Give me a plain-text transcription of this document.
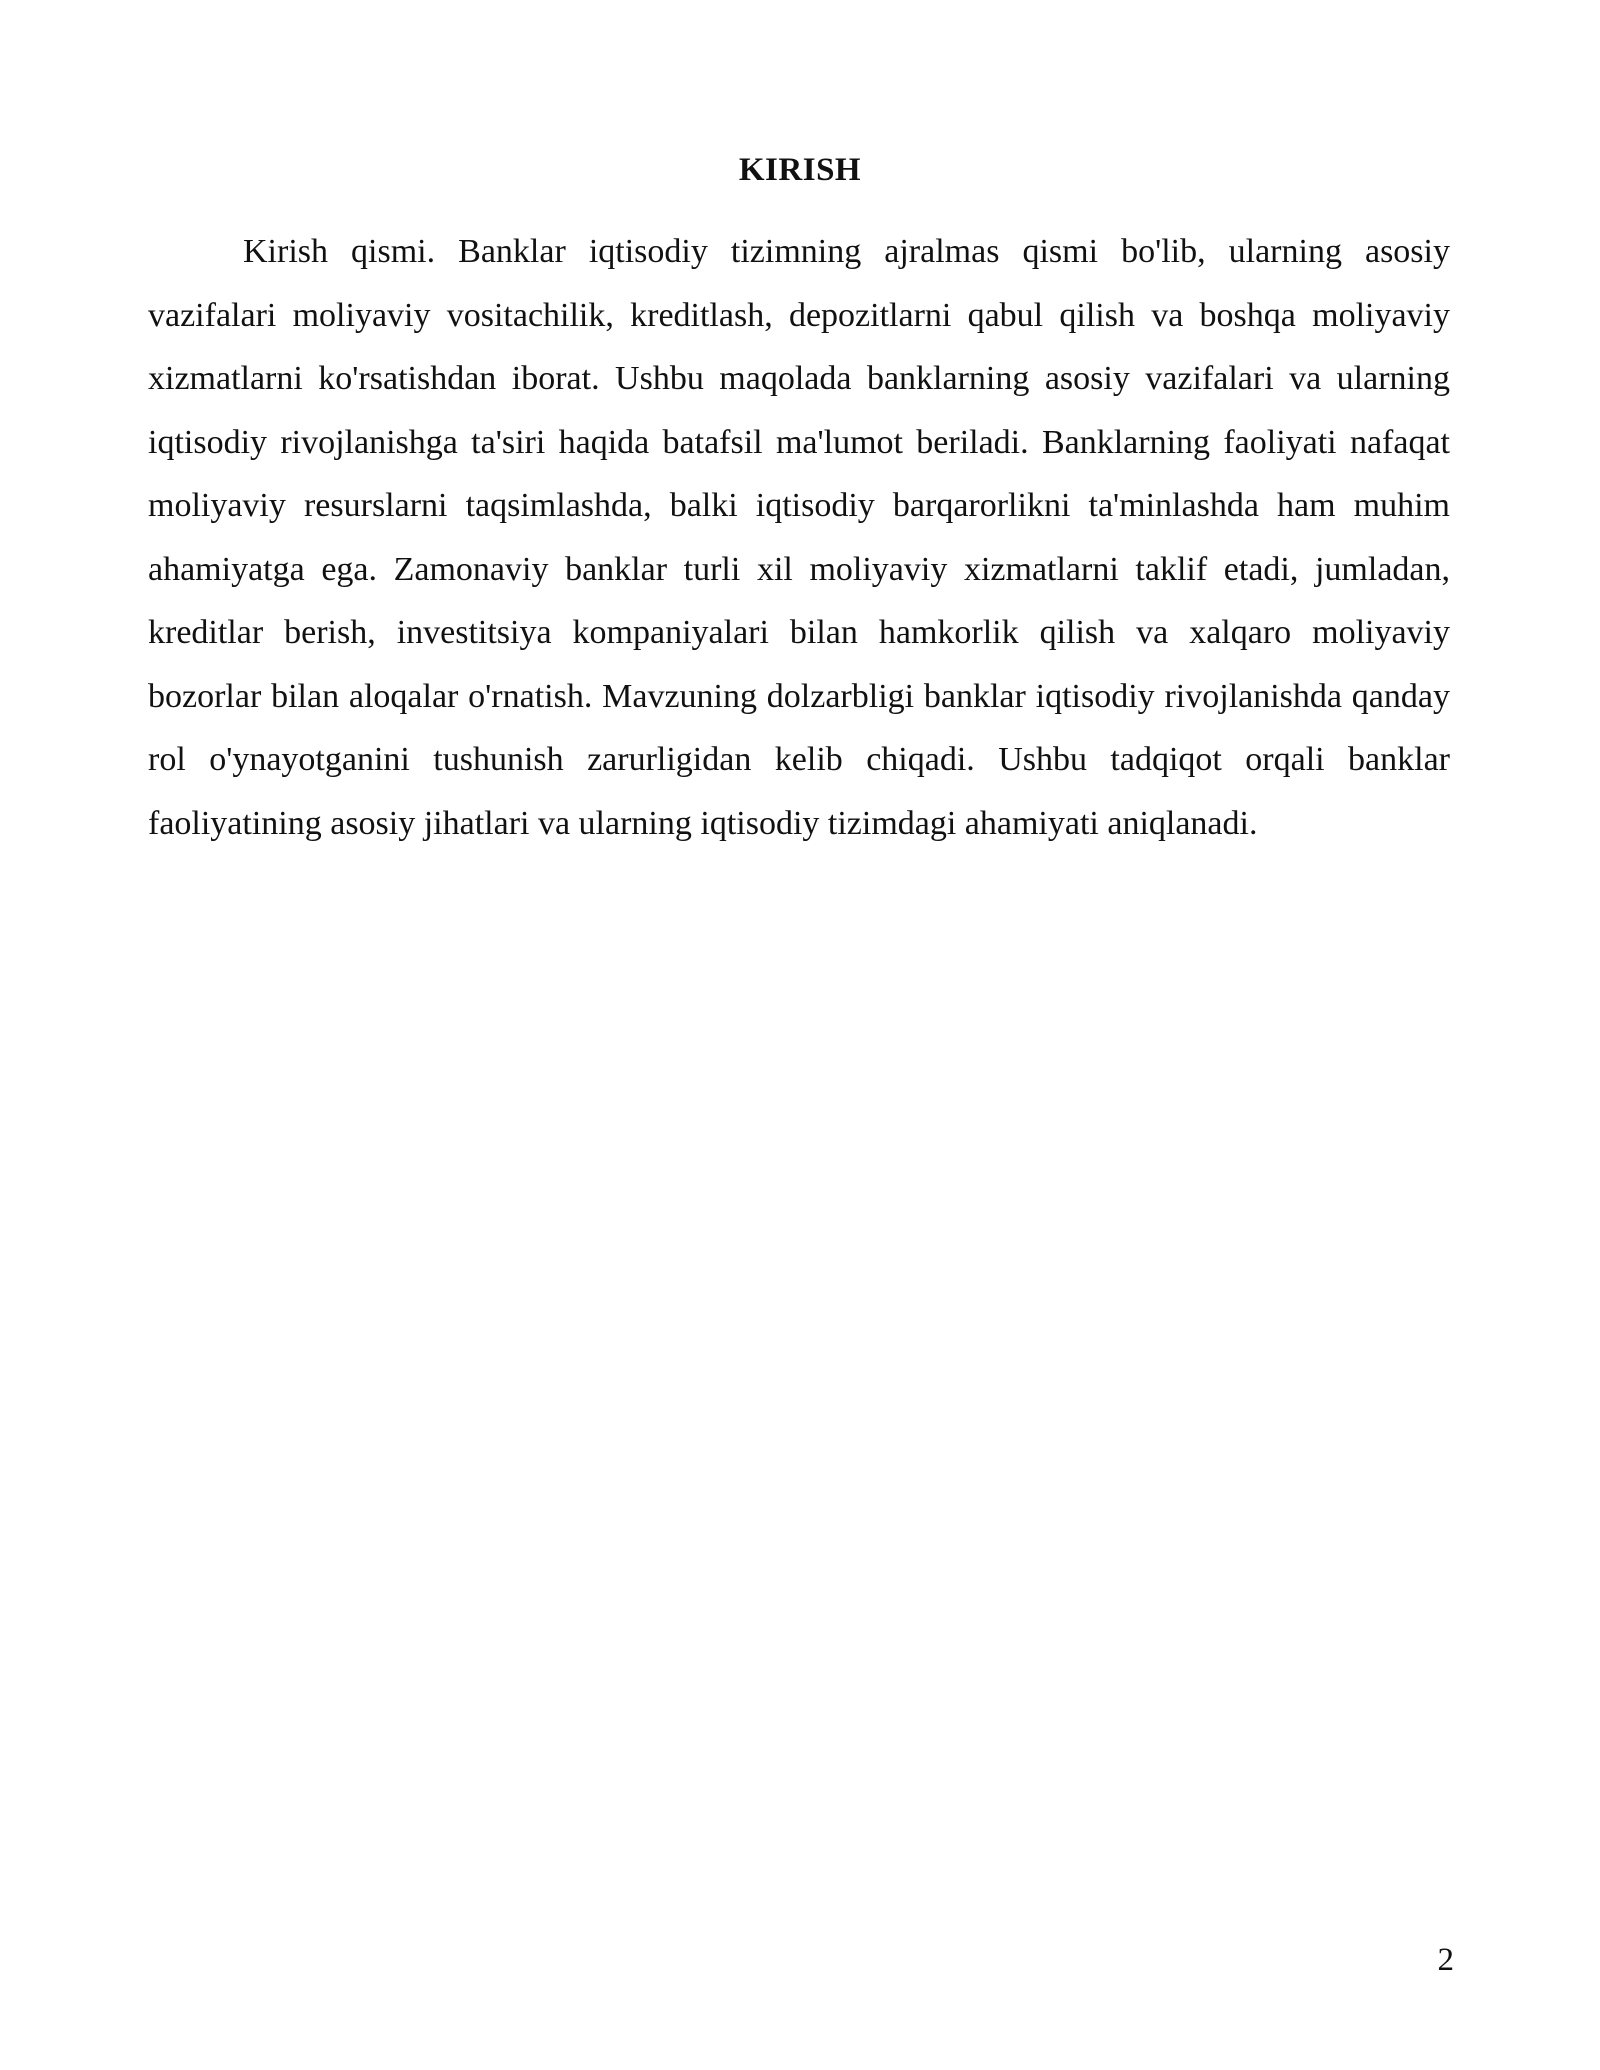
KIRISH

Kirish qismi. Banklar iqtisodiy tizimning ajralmas qismi bo'lib, ularning asosiy vazifalari moliyaviy vositachilik, kreditlash, depozitlarni qabul qilish va boshqa moliyaviy xizmatlarni ko'rsatishdan iborat. Ushbu maqolada banklarning asosiy vazifalari va ularning iqtisodiy rivojlanishga ta'siri haqida batafsil ma'lumot beriladi. Banklarning faoliyati nafaqat moliyaviy resurslarni taqsimlashda, balki iqtisodiy barqarorlikni ta'minlashda ham muhim ahamiyatga ega. Zamonaviy banklar turli xil moliyaviy xizmatlarni taklif etadi, jumladan, kreditlar berish, investitsiya kompaniyalari bilan hamkorlik qilish va xalqaro moliyaviy bozorlar bilan aloqalar o'rnatish. Mavzuning dolzarbligi banklar iqtisodiy rivojlanishda qanday rol o'ynayotganini tushunish zarurligidan kelib chiqadi. Ushbu tadqiqot orqali banklar faoliyatining asosiy jihatlari va ularning iqtisodiy tizimdagi ahamiyati aniqlanadi.

2
